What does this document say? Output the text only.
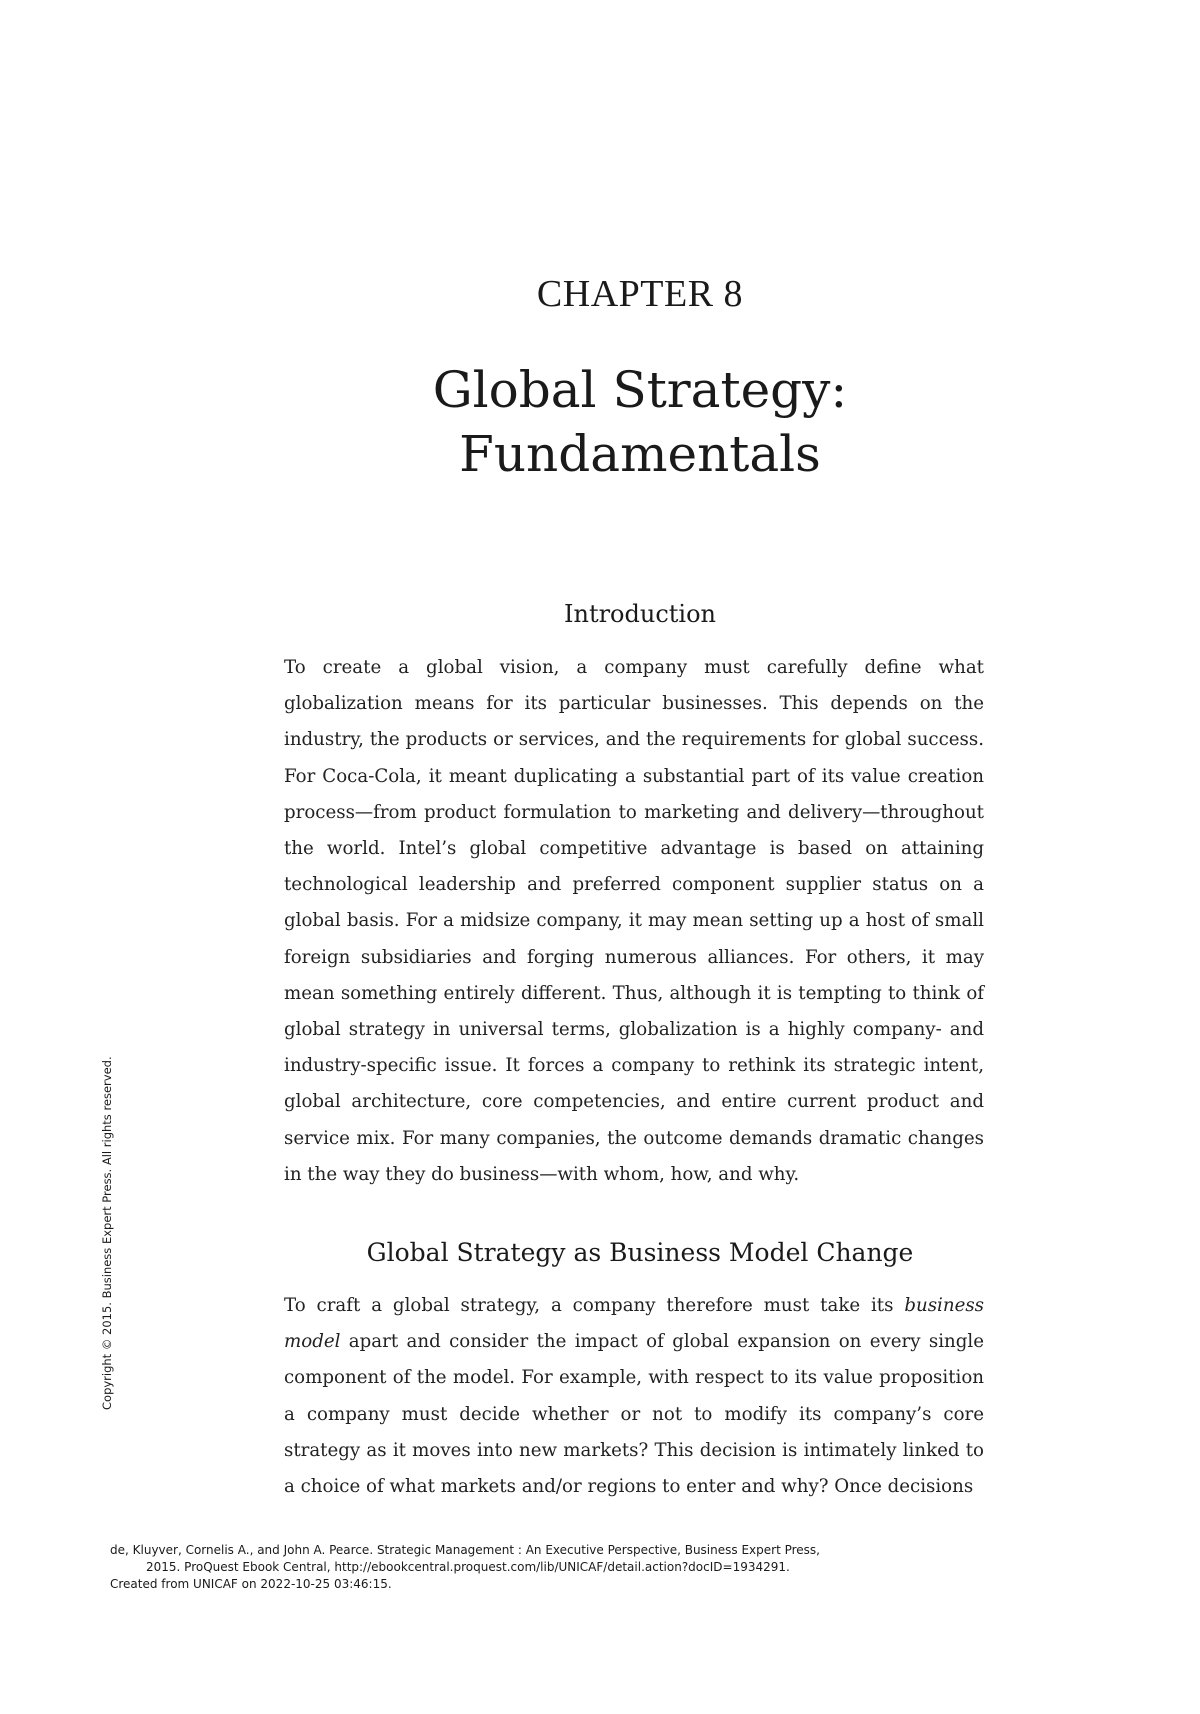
CHAPTER 8
Global Strategy:
Fundamentals
Introduction

To create a global vision, a company must carefully define what globalization means for its particular businesses. This depends on the industry, the products or services, and the requirements for global success. For Coca-Cola, it meant duplicating a substantial part of its value creation process—from product formulation to marketing and delivery—throughout the world. Intel’s global competitive advantage is based on attaining technological leadership and preferred component supplier status on a global basis. For a midsize company, it may mean setting up a host of small foreign subsidiaries and forging numerous alliances. For others, it may mean something entirely different. Thus, although it is tempting to think of global strategy in universal terms, globalization is a highly company- and industry-specific issue. It forces a company to rethink its strategic intent, global architecture, core competencies, and entire current product and service mix. For many companies, the outcome demands dramatic changes in the way they do business—with whom, how, and why.

Global Strategy as Business Model Change

To craft a global strategy, a company therefore must take its business model apart and consider the impact of global expansion on every single component of the model. For example, with respect to its value proposition a company must decide whether or not to modify its company’s core strategy as it moves into new markets? This decision is intimately linked to a choice of what markets and/or regions to enter and why? Once decisions

Copyright © 2015. Business Expert Press. All rights reserved.
de, Kluyver, Cornelis A., and John A. Pearce. Strategic Management : An Executive Perspective, Business Expert Press,
2015. ProQuest Ebook Central, http://ebookcentral.proquest.com/lib/UNICAF/detail.action?docID=1934291.
Created from UNICAF on 2022-10-25 03:46:15.
